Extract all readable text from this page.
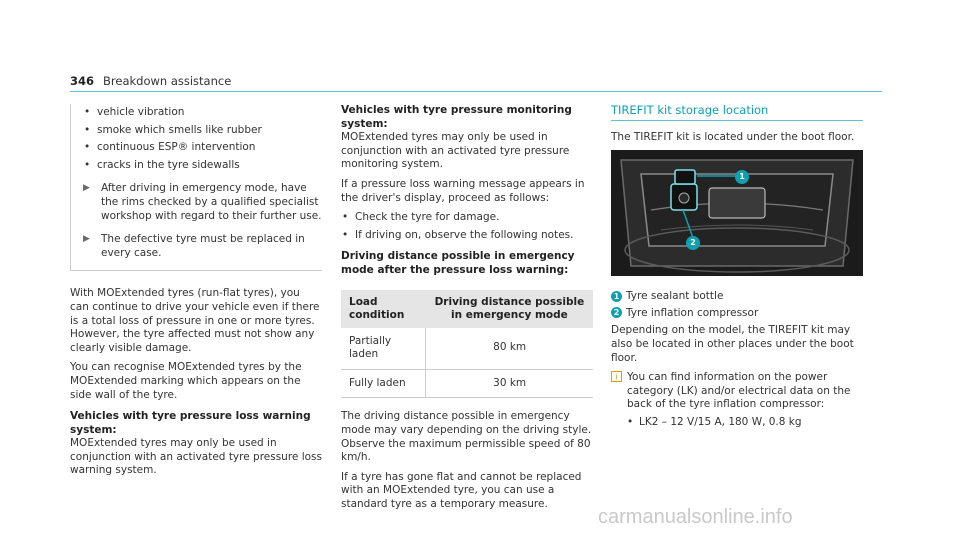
346 Breakdown assistance
• vehicle vibration
• smoke which smells like rubber
• continuous ESP® intervention
• cracks in the tyre sidewalls
▶ After driving in emergency mode, have the rims checked by a qualified specialist workshop with regard to their further use.
▶ The defective tyre must be replaced in every case.

With MOExtended tyres (run-flat tyres), you can continue to drive your vehicle even if there is a total loss of pressure in one or more tyres. However, the tyre affected must not show any clearly visible damage.

You can recognise MOExtended tyres by the MOExtended marking which appears on the side wall of the tyre.

Vehicles with tyre pressure loss warning system:

MOExtended tyres may only be used in conjunction with an activated tyre pressure loss warning system.

Vehicles with tyre pressure monitoring system:

MOExtended tyres may only be used in conjunction with an activated tyre pressure monitoring system.

If a pressure loss warning message appears in the driver's display, proceed as follows:

• Check the tyre for damage.
• If driving on, observe the following notes.
Driving distance possible in emergency mode after the pressure loss warning:
Load condition	Driving distance possible in emergency mode
Partially laden	80 km
Fully laden	30 km

The driving distance possible in emergency mode may vary depending on the driving style. Observe the maximum permissible speed of 80 km/h.

If a tyre has gone flat and cannot be replaced with an MOExtended tyre, you can use a standard tyre as a temporary measure.

TIREFIT kit storage location

The TIREFIT kit is located under the boot floor.

1
2
1 Tyre sealant bottle
2 Tyre inflation compressor

Depending on the model, the TIREFIT kit may also be located in other places under the boot floor.

i You can find information on the power category (LK) and/or electrical data on the back of the tyre inflation compressor:
• LK2 – 12 V/15 A, 180 W, 0.8 kg
carmanualsonline.info
